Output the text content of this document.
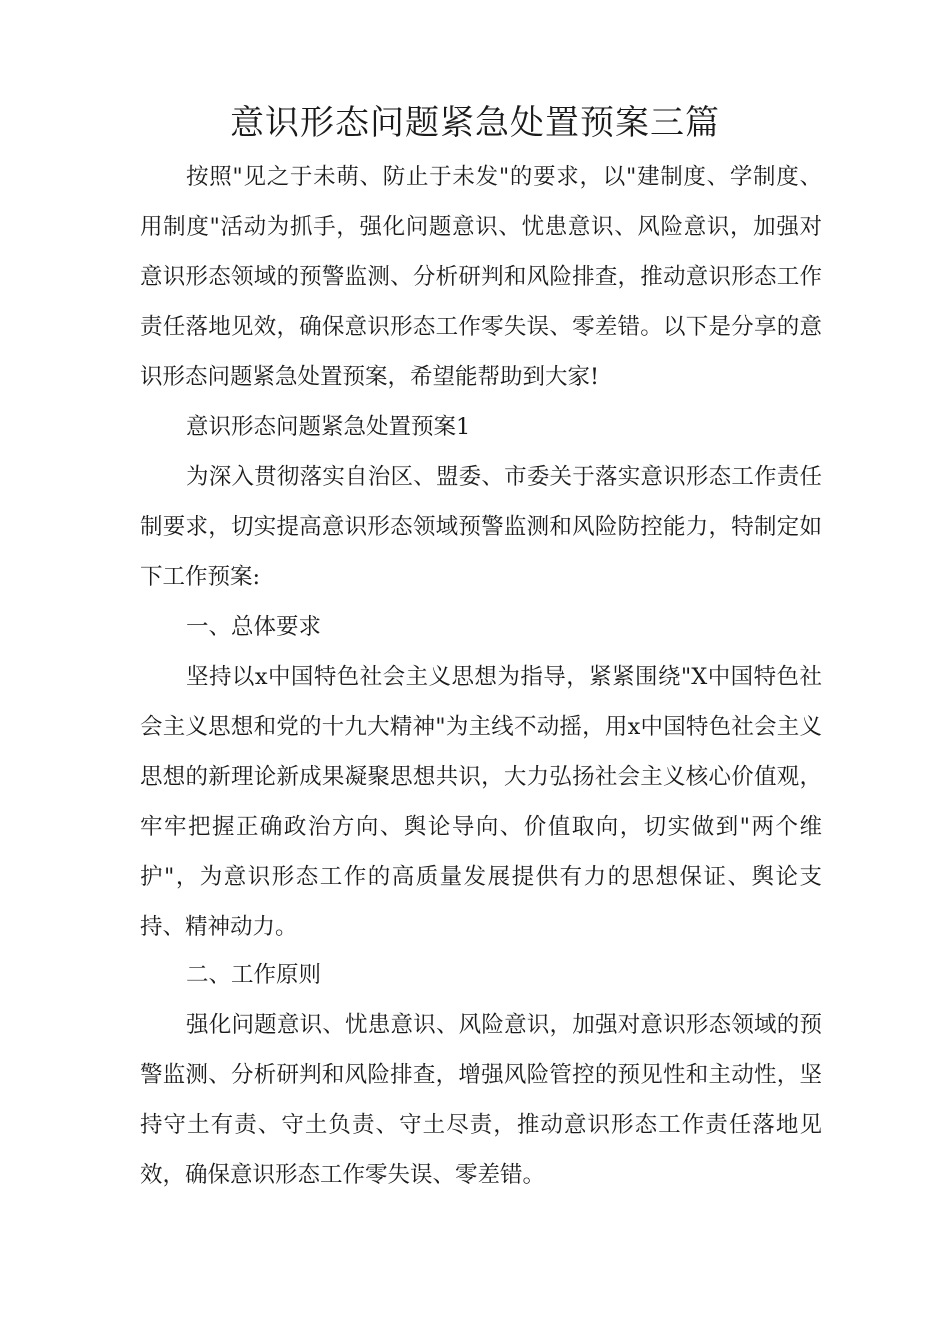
意识形态问题紧急处置预案三篇

按照"见之于未萌、防止于未发"的要求，以"建制度、学制度、用制度"活动为抓手，强化问题意识、忧患意识、风险意识，加强对意识形态领域的预警监测、分析研判和风险排查，推动意识形态工作责任落地见效，确保意识形态工作零失误、零差错。以下是分享的意识形态问题紧急处置预案，希望能帮助到大家!

意识形态问题紧急处置预案1

为深入贯彻落实自治区、盟委、市委关于落实意识形态工作责任制要求，切实提高意识形态领域预警监测和风险防控能力，特制定如下工作预案:

一、总体要求

坚持以x中国特色社会主义思想为指导，紧紧围绕"X中国特色社会主义思想和党的十九大精神"为主线不动摇，用x中国特色社会主义思想的新理论新成果凝聚思想共识，大力弘扬社会主义核心价值观，牢牢把握正确政治方向、舆论导向、价值取向，切实做到"两个维护"，为意识形态工作的高质量发展提供有力的思想保证、舆论支持、精神动力。

二、工作原则

强化问题意识、忧患意识、风险意识，加强对意识形态领域的预警监测、分析研判和风险排查，增强风险管控的预见性和主动性，坚持守土有责、守土负责、守土尽责，推动意识形态工作责任落地见效，确保意识形态工作零失误、零差错。
